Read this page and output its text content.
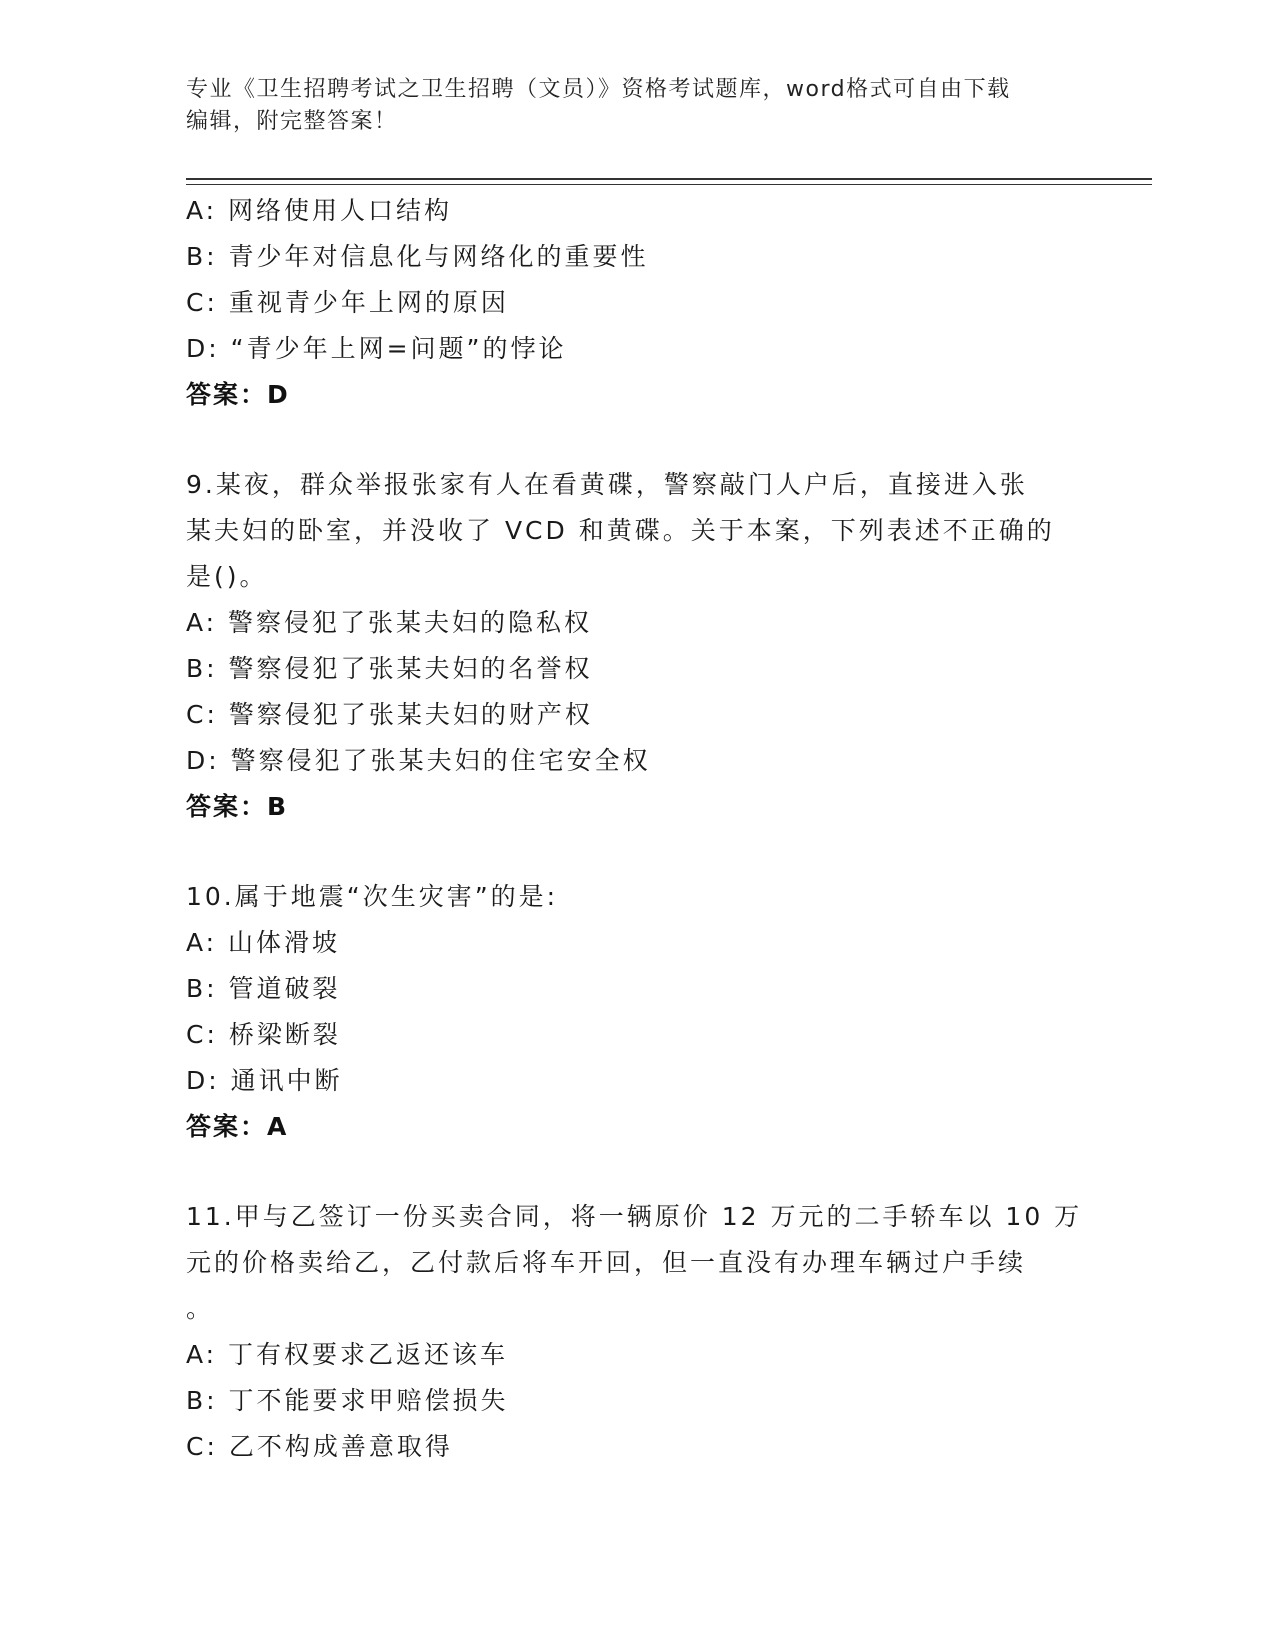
专业《卫生招聘考试之卫生招聘（文员）》资格考试题库，word格式可自由下载
编辑，附完整答案！
A: 网络使用人口结构
B: 青少年对信息化与网络化的重要性
C: 重视青少年上网的原因
D: “青少年上网=问题”的悖论
答案：D
9.某夜，群众举报张家有人在看黄碟，警察敲门人户后，直接进入张
某夫妇的卧室，并没收了 VCD 和黄碟。关于本案，下列表述不正确的
是()。
A: 警察侵犯了张某夫妇的隐私权
B: 警察侵犯了张某夫妇的名誉权
C: 警察侵犯了张某夫妇的财产权
D: 警察侵犯了张某夫妇的住宅安全权
答案：B
10.属于地震“次生灾害”的是:
A: 山体滑坡
B: 管道破裂
C: 桥梁断裂
D: 通讯中断
答案：A
11.甲与乙签订一份买卖合同，将一辆原价 12 万元的二手轿车以 10 万
元的价格卖给乙，乙付款后将车开回，但一直没有办理车辆过户手续
。
A: 丁有权要求乙返还该车
B: 丁不能要求甲赔偿损失
C: 乙不构成善意取得
